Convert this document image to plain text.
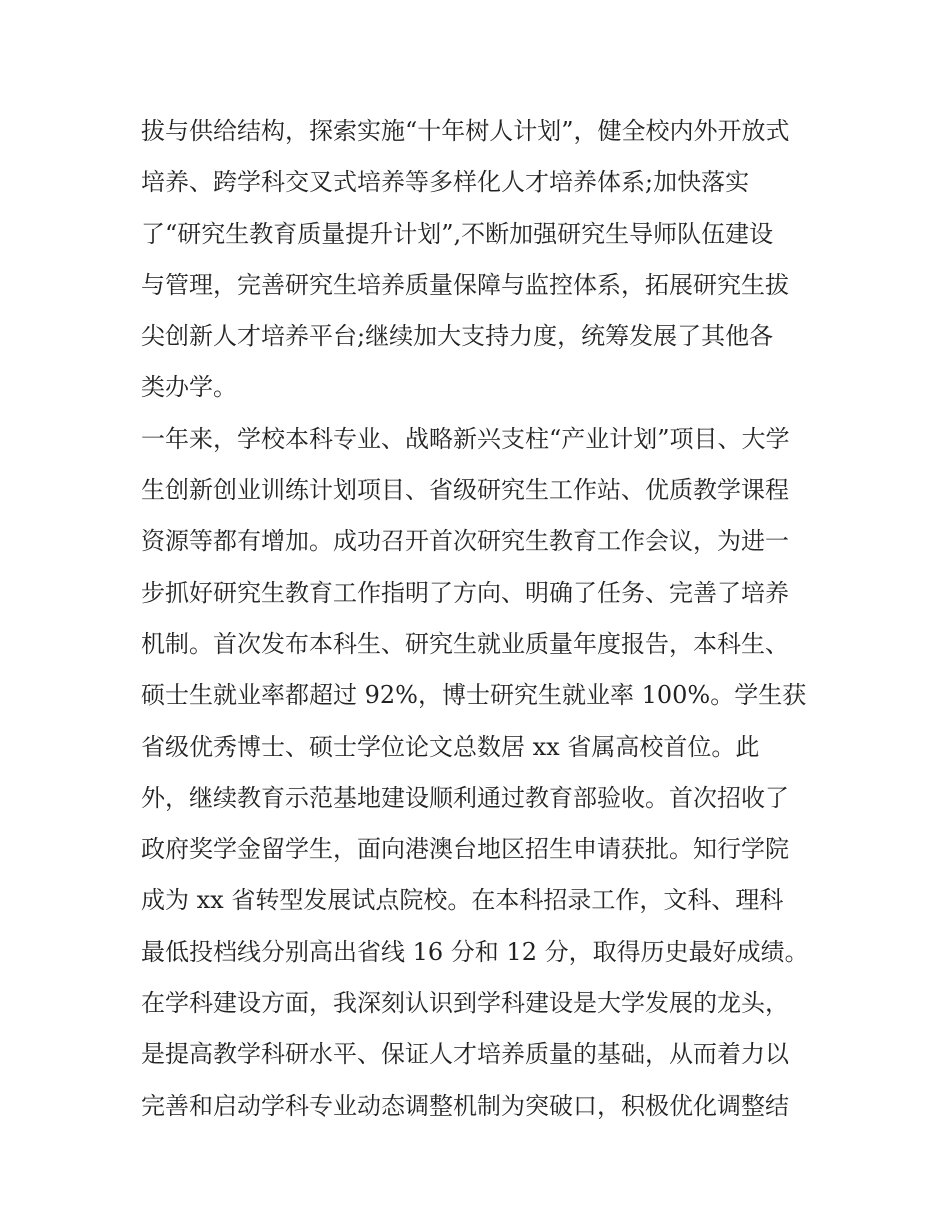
拔与供给结构，探索实施“十年树人计划”，健全校内外开放式
培养、跨学科交叉式培养等多样化人才培养体系;加快落实
了“研究生教育质量提升计划”,不断加强研究生导师队伍建设
与管理，完善研究生培养质量保障与监控体系，拓展研究生拔
尖创新人才培养平台;继续加大支持力度，统筹发展了其他各
类办学。
一年来，学校本科专业、战略新兴支柱“产业计划”项目、大学
生创新创业训练计划项目、省级研究生工作站、优质教学课程
资源等都有增加。成功召开首次研究生教育工作会议，为进一
步抓好研究生教育工作指明了方向、明确了任务、完善了培养
机制。首次发布本科生、研究生就业质量年度报告，本科生、
硕士生就业率都超过 92%，博士研究生就业率 100%。学生获
省级优秀博士、硕士学位论文总数居 xx 省属高校首位。此
外，继续教育示范基地建设顺利通过教育部验收。首次招收了
政府奖学金留学生，面向港澳台地区招生申请获批。知行学院
成为 xx 省转型发展试点院校。在本科招录工作，文科、理科
最低投档线分别高出省线 16 分和 12 分，取得历史最好成绩。
在学科建设方面，我深刻认识到学科建设是大学发展的龙头，
是提高教学科研水平、保证人才培养质量的基础，从而着力以
完善和启动学科专业动态调整机制为突破口，积极优化调整结
